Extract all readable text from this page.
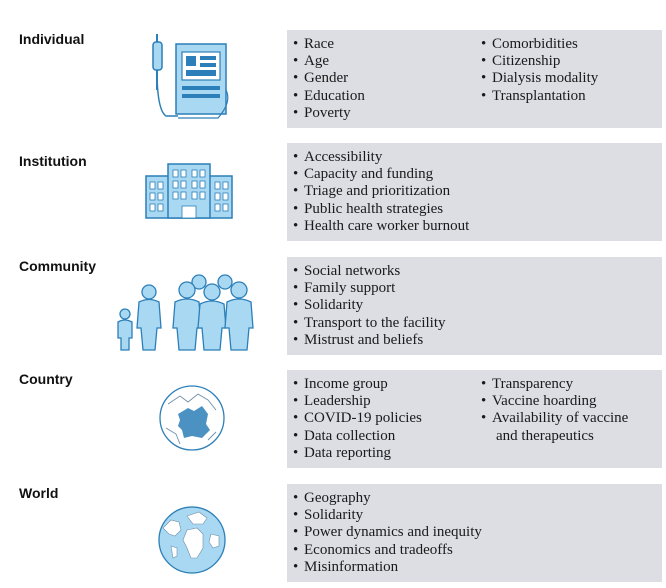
Individual	• Race
• Age
• Gender
• Education
• Poverty
• Comorbidities
• Citizenship
• Dialysis modality
• Transplantation
Institution	• Accessibility
• Capacity and funding
• Triage and prioritization
• Public health strategies
• Health care worker burnout
Community	• Social networks
• Family support
• Solidarity
• Transport to the facility
• Mistrust and beliefs
Country	• Income group
• Leadership
• COVID-19 policies
• Data collection
• Data reporting
• Transparency
• Vaccine hoarding
• Availability of vaccine
and therapeutics
World	• Geography
• Solidarity
• Power dynamics and inequity
• Economics and tradeoffs
• Misinformation
